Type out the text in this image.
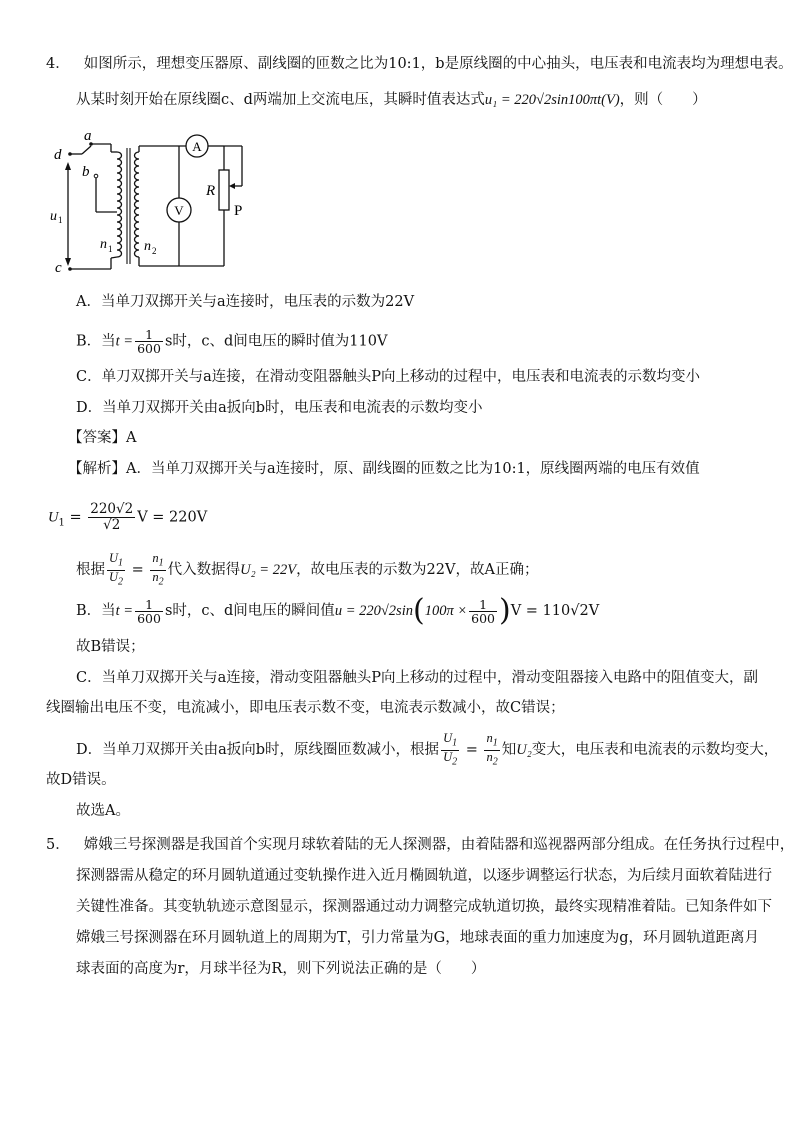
4． 如图所示，理想变压器原、副线圈的匝数之比为10:1，b是原线圈的中心抽头，电压表和电流表均为理想电表。
从某时刻开始在原线圈c、d两端加上交流电压，其瞬时值表达式u₁ = 220√2sin100πt(V)，则（　　）
A
V
a
b
d
c
u 1
n 1 n 2
R
P
A．当单刀双掷开关与a连接时，电压表的示数为22V
B．当$t = \frac{1}{600}$ s时，c、d间电压的瞬时值为110V
C．单刀双掷开关与a连接，在滑动变阻器触头P向上移动的过程中，电压表和电流表的示数均变小
D．当单刀双掷开关由a扳向b时，电压表和电流表的示数均变小
【答案】A
【解析】A．当单刀双掷开关与a连接时，原、副线圈的匝数之比为10:1，原线圈两端的电压有效值
$U_1 = \frac{220√2}{√2}$ V = 220V
根据 $\frac{U_1}{U_2} = \frac{n_1}{n_2}$ 代入数据得U₂ = 22V，故电压表的示数为22V，故A正确；
B．当$t = \frac{1}{600}$ s时，c、d间电压的瞬间值$u = 220√2\sin(100\pi \times \frac{1}{600} )V = 110√2V$
故B错误；
C．当单刀双掷开关与a连接，滑动变阻器触头P向上移动的过程中，滑动变阻器接入电路中的阻值变大，副
线圈输出电压不变，电流减小，即电压表示数不变，电流表示数减小，故C错误；
D．当单刀双掷开关由a扳向b时，原线圈匝数减小，根据 $\frac{U_1}{U_2} = \frac{n_1}{n_2}$ 知U₂变大，电压表和电流表的示数均变大，
故D错误。
故选A。
5． 嫦娥三号探测器是我国首个实现月球软着陆的无人探测器，由着陆器和巡视器两部分组成。在任务执行过程中，
探测器需从稳定的环月圆轨道通过变轨操作进入近月椭圆轨道，以逐步调整运行状态，为后续月面软着陆进行
关键性准备。其变轨轨迹示意图显示，探测器通过动力调整完成轨道切换，最终实现精准着陆。已知条件如下
嫦娥三号探测器在环月圆轨道上的周期为T，引力常量为G，地球表面的重力加速度为g，环月圆轨道距离月
球表面的高度为r，月球半径为R，则下列说法正确的是（　　）
